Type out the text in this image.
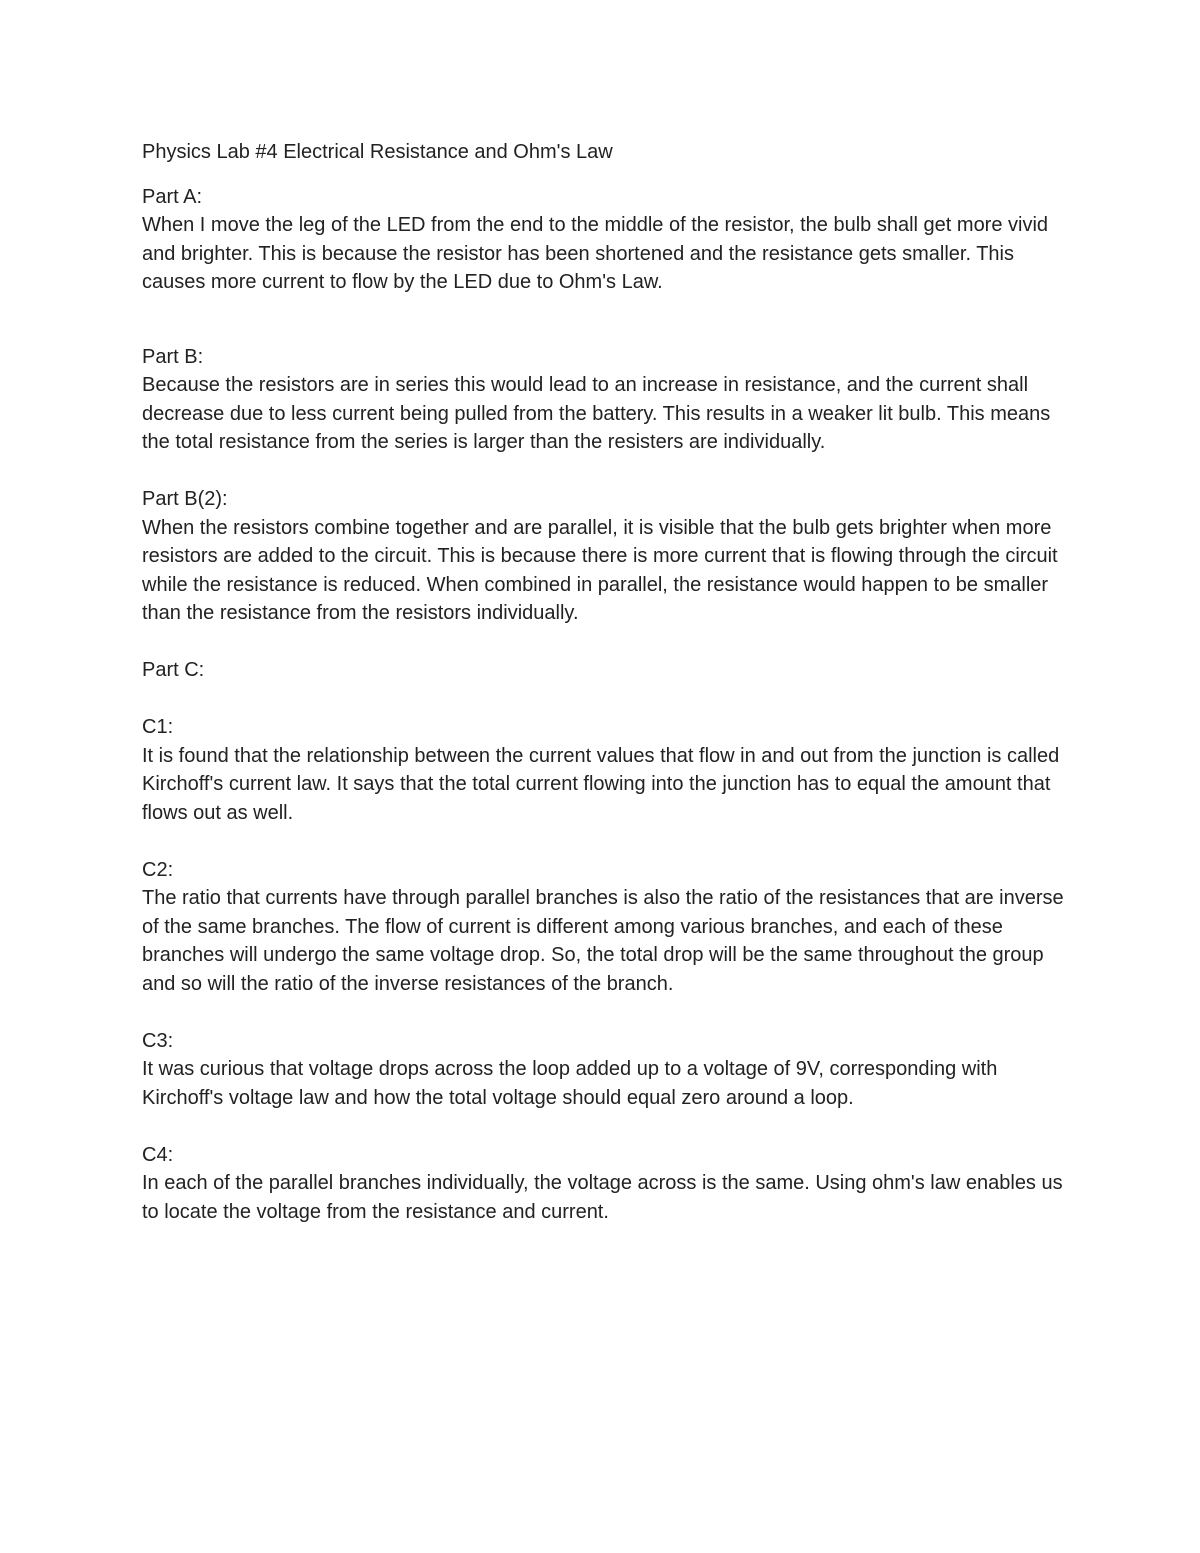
Physics Lab #4 Electrical Resistance and Ohm's Law
Part A:

When I move the leg of the LED from the end to the middle of the resistor, the bulb shall get more vivid and brighter. This is because the resistor has been shortened and the resistance gets smaller. This causes more current to flow by the LED due to Ohm's Law.

Part B:

Because the resistors are in series this would lead to an increase in resistance, and the current shall decrease due to less current being pulled from the battery. This results in a weaker lit bulb. This means the total resistance from the series is larger than the resisters are individually.

Part B(2):

When the resistors combine together and are parallel, it is visible that the bulb gets brighter when more resistors are added to the circuit. This is because there is more current that is flowing through the circuit while the resistance is reduced. When combined in parallel, the resistance would happen to be smaller than the resistance from the resistors individually.

Part C:
C1:

It is found that the relationship between the current values that flow in and out from the junction is called Kirchoff's current law. It says that the total current flowing into the junction has to equal the amount that flows out as well.

C2:

The ratio that currents have through parallel branches is also the ratio of the resistances that are inverse of the same branches. The flow of current is different among various branches, and each of these branches will undergo the same voltage drop. So, the total drop will be the same throughout the group and so will the ratio of the inverse resistances of the branch.

C3:

It was curious that voltage drops across the loop added up to a voltage of 9V, corresponding with Kirchoff's voltage law and how the total voltage should equal zero around a loop.

C4:

In each of the parallel branches individually, the voltage across is the same. Using ohm's law enables us to locate the voltage from the resistance and current.
